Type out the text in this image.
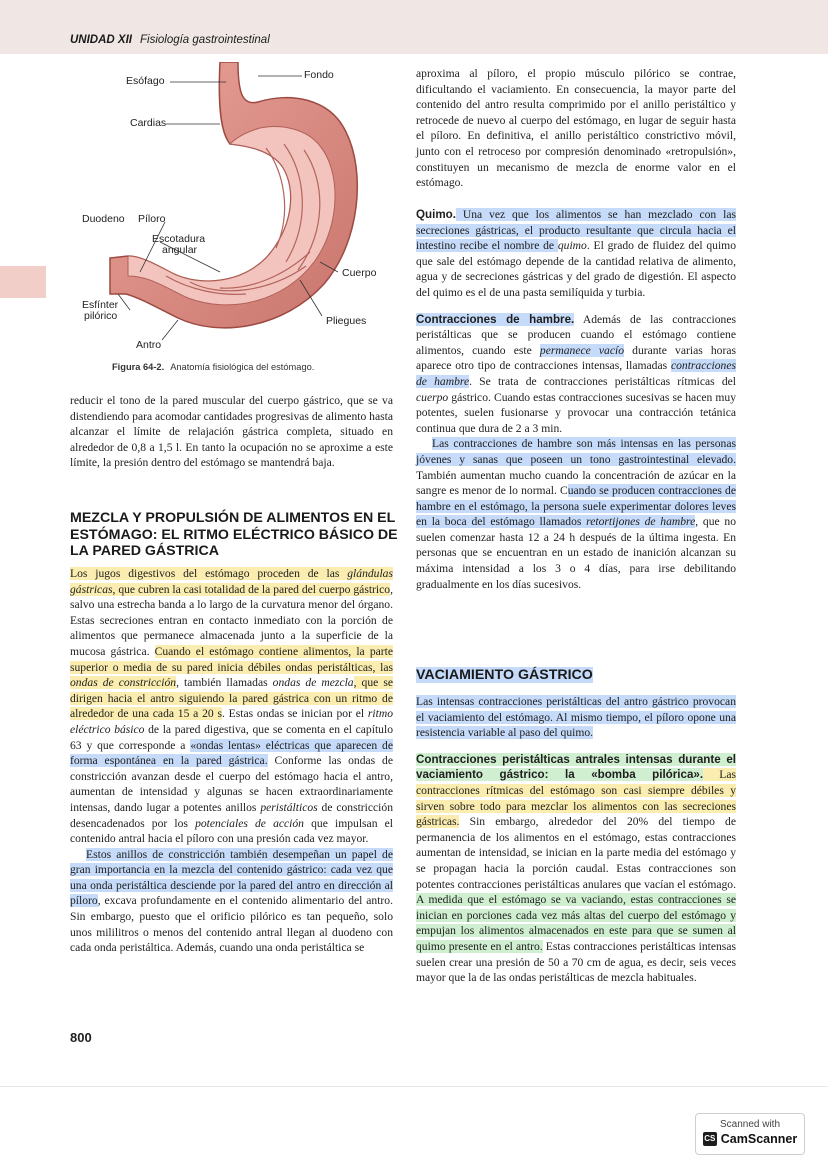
UNIDAD XII Fisiología gastrointestinal
Esófago	Fondo
Cardias
Duodeno Píloro
Escotadura
angular
Cuerpo
Esfínter
pilórico	Pliegues
Antro
Figura 64-2. Anatomía fisiológica del estómago.

reducir el tono de la pared muscular del cuerpo gástrico, que se va distendiendo para acomodar cantidades progresivas de alimento hasta alcanzar el límite de relajación gástrica completa, situado en alrededor de 0,8 a 1,5 l. En tanto la ocupación no se aproxime a este límite, la presión dentro del estómago se mantendrá baja.

MEZCLA Y PROPULSIÓN DE ALIMENTOS EN EL ESTÓMAGO: EL RITMO ELÉCTRICO BÁSICO DE LA PARED GÁSTRICA

Los jugos digestivos del estómago proceden de las glándulas gástricas, que cubren la casi totalidad de la pared del cuerpo gástrico, salvo una estrecha banda a lo largo de la curvatura menor del órgano. Estas secreciones entran en contacto inmediato con la porción de alimentos que permanece almacenada junto a la superficie de la mucosa gástrica. Cuando el estómago contiene alimentos, la parte superior o media de su pared inicia débiles ondas peristálticas, las ondas de constricción, también llamadas ondas de mezcla, que se dirigen hacia el antro siguiendo la pared gástrica con un ritmo de alrededor de una cada 15 a 20 s. Estas ondas se inician por el ritmo eléctrico básico de la pared digestiva, que se comenta en el capítulo 63 y que corresponde a «ondas lentas» eléctricas que aparecen de forma espontánea en la pared gástrica. Conforme las ondas de constricción avanzan desde el cuerpo del estómago hacia el antro, aumentan de intensidad y algunas se hacen extraordinariamente intensas, dando lugar a potentes anillos peristálticos de constricción desencadenados por los potenciales de acción que impulsan el contenido antral hacia el píloro con una presión cada vez mayor.

Estos anillos de constricción también desempeñan un papel de gran importancia en la mezcla del contenido gástrico: cada vez que una onda peristáltica desciende por la pared del antro en dirección al píloro, excava profundamente en el contenido alimentario del antro. Sin embargo, puesto que el orificio pilórico es tan pequeño, solo unos mililitros o menos del contenido antral llegan al duodeno con cada onda peristáltica. Además, cuando una onda peristáltica se

aproxima al píloro, el propio músculo pilórico se contrae, dificultando el vaciamiento. En consecuencia, la mayor parte del contenido del antro resulta comprimido por el anillo peristáltico y retrocede de nuevo al cuerpo del estómago, en lugar de seguir hasta el píloro. En definitiva, el anillo peristáltico constrictivo móvil, junto con el retroceso por compresión denominado «retropulsión», constituyen un mecanismo de mezcla de enorme valor en el estómago.

Quimo. Una vez que los alimentos se han mezclado con las secreciones gástricas, el producto resultante que circula hacia el intestino recibe el nombre de quimo. El grado de fluidez del quimo que sale del estómago depende de la cantidad relativa de alimento, agua y de secreciones gástricas y del grado de digestión. El aspecto del quimo es el de una pasta semilíquida y turbia.

Contracciones de hambre. Además de las contracciones peristálticas que se producen cuando el estómago contiene alimentos, cuando este permanece vacío durante varias horas aparece otro tipo de contracciones intensas, llamadas contracciones de hambre. Se trata de contracciones peristálticas rítmicas del cuerpo gástrico. Cuando estas contracciones sucesivas se hacen muy potentes, suelen fusionarse y provocar una contracción tetánica continua que dura de 2 a 3 min.

Las contracciones de hambre son más intensas en las personas jóvenes y sanas que poseen un tono gastrointestinal elevado. También aumentan mucho cuando la concentración de azúcar en la sangre es menor de lo normal. Cuando se producen contracciones de hambre en el estómago, la persona suele experimentar dolores leves en la boca del estómago llamados retortijones de hambre, que no suelen comenzar hasta 12 a 24 h después de la última ingesta. En personas que se encuentran en un estado de inanición alcanzan su máxima intensidad a los 3 o 4 días, para irse debilitando gradualmente en los días sucesivos.

VACIAMIENTO GÁSTRICO

Las intensas contracciones peristálticas del antro gástrico provocan el vaciamiento del estómago. Al mismo tiempo, el píloro opone una resistencia variable al paso del quimo.

Contracciones peristálticas antrales intensas durante el vaciamiento gástrico: la «bomba pilórica». Las contracciones rítmicas del estómago son casi siempre débiles y sirven sobre todo para mezclar los alimentos con las secreciones gástricas. Sin embargo, alrededor del 20% del tiempo de permanencia de los alimentos en el estómago, estas contracciones aumentan de intensidad, se inician en la parte media del estómago y se propagan hacia la porción caudal. Estas contracciones son potentes contracciones peristálticas anulares que vacían el estómago. A medida que el estómago se va vaciando, estas contracciones se inician en porciones cada vez más altas del cuerpo del estómago y empujan los alimentos almacenados en este para que se sumen al quimo presente en el antro. Estas contracciones peristálticas intensas suelen crear una presión de 50 a 70 cm de agua, es decir, seis veces mayor que la de las ondas peristálticas de mezcla habituales.

800
Scanned with
CS CamScanner
